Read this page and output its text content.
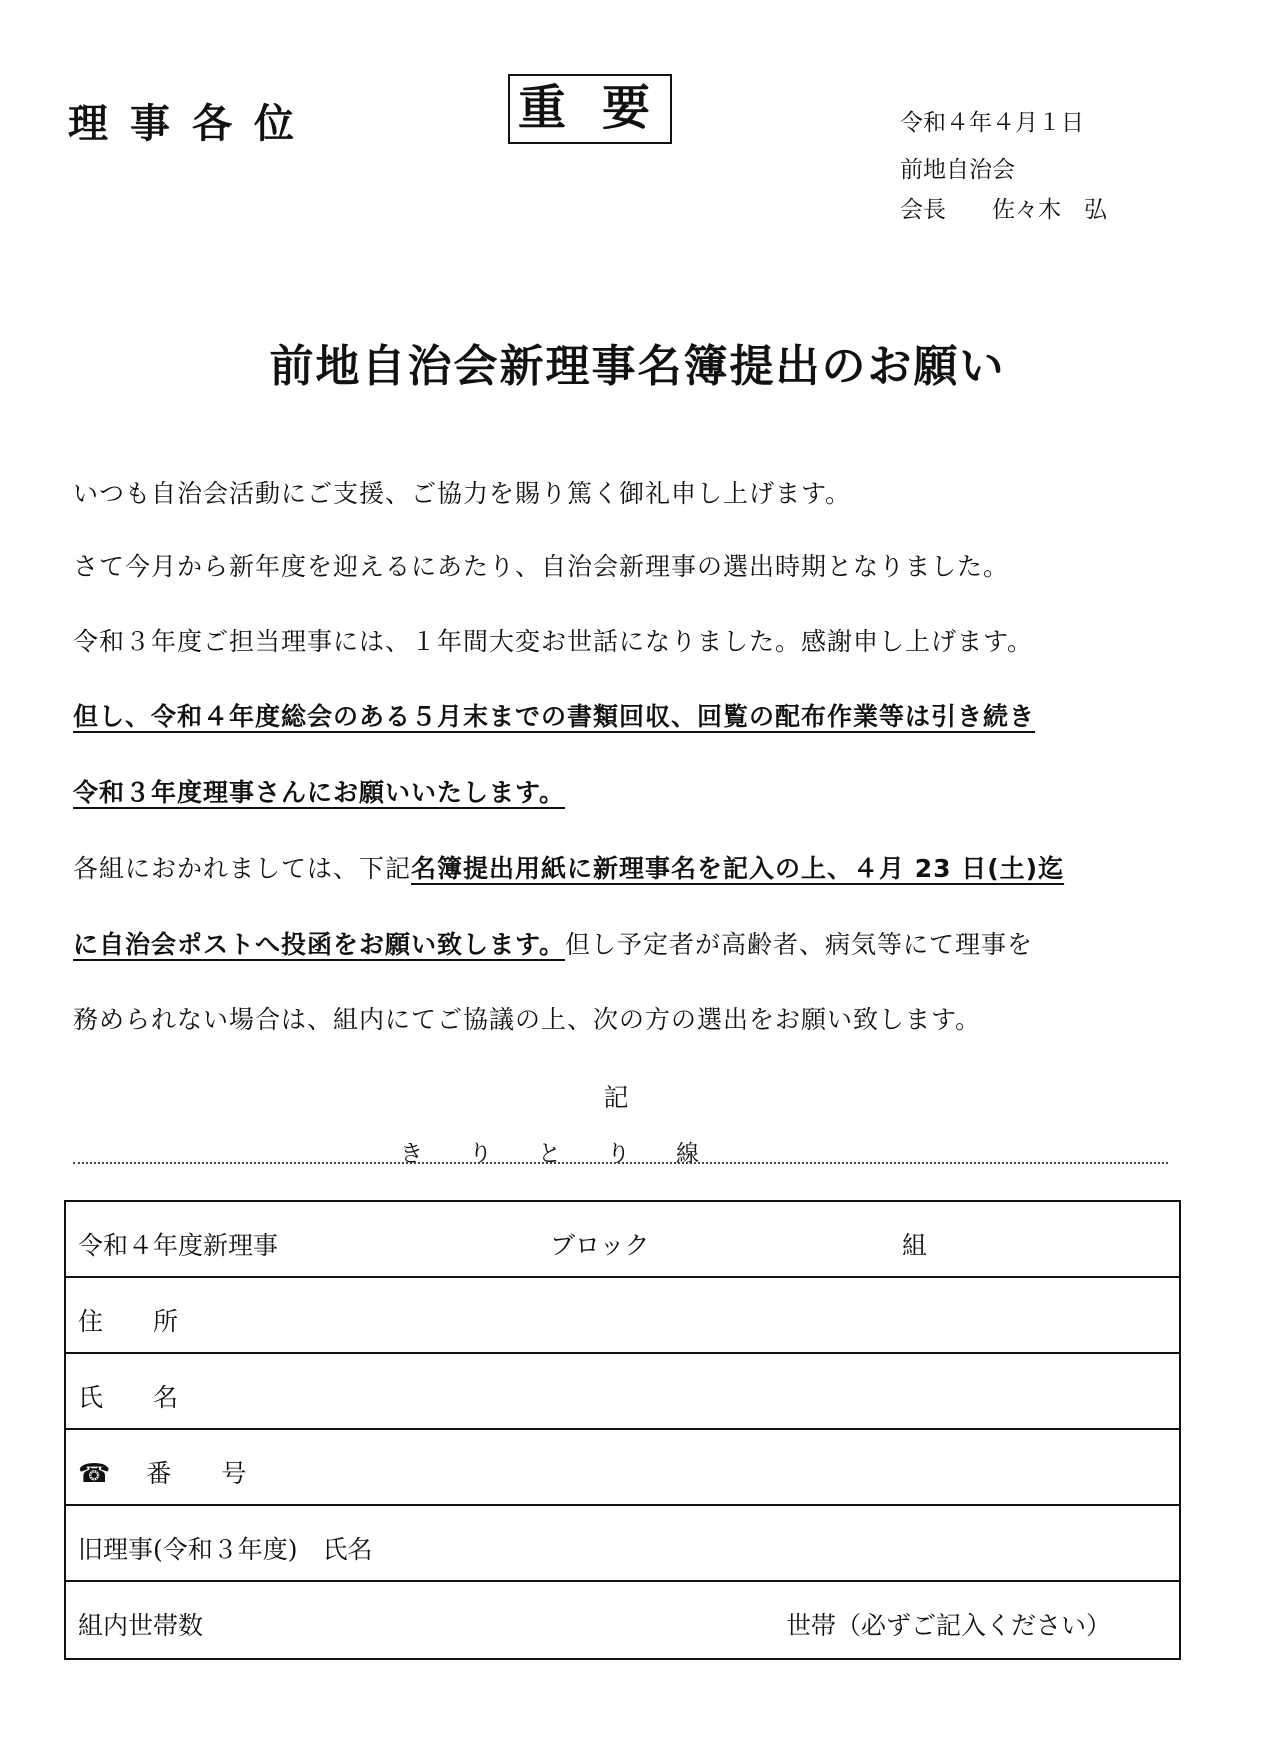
理事各位	重要	令和４年４月１日
前地自治会
会長　　佐々木　弘
前地自治会新理事名簿提出のお願い
いつも自治会活動にご支援、ご協力を賜り篤く御礼申し上げます。
さて今月から新年度を迎えるにあたり、自治会新理事の選出時期となりました。
令和３年度ご担当理事には、１年間大変お世話になりました。感謝申し上げます。
但し、令和４年度総会のある５月末までの書類回収、回覧の配布作業等は引き続き
令和３年度理事さんにお願いいたします。
各組におかれましては、下記名簿提出用紙に新理事名を記入の上、４月 23 日(土)迄
に自治会ポストへ投函をお願い致します。但し予定者が高齢者、病気等にて理事を
務められない場合は、組内にてご協議の上、次の方の選出をお願い致します。
記
きりとり線
令和４年度新理事	ブロック	組
住所
氏名
☎ 番号
旧理事(令和３年度)　氏名
組内世帯数	世帯（必ずご記入ください）
